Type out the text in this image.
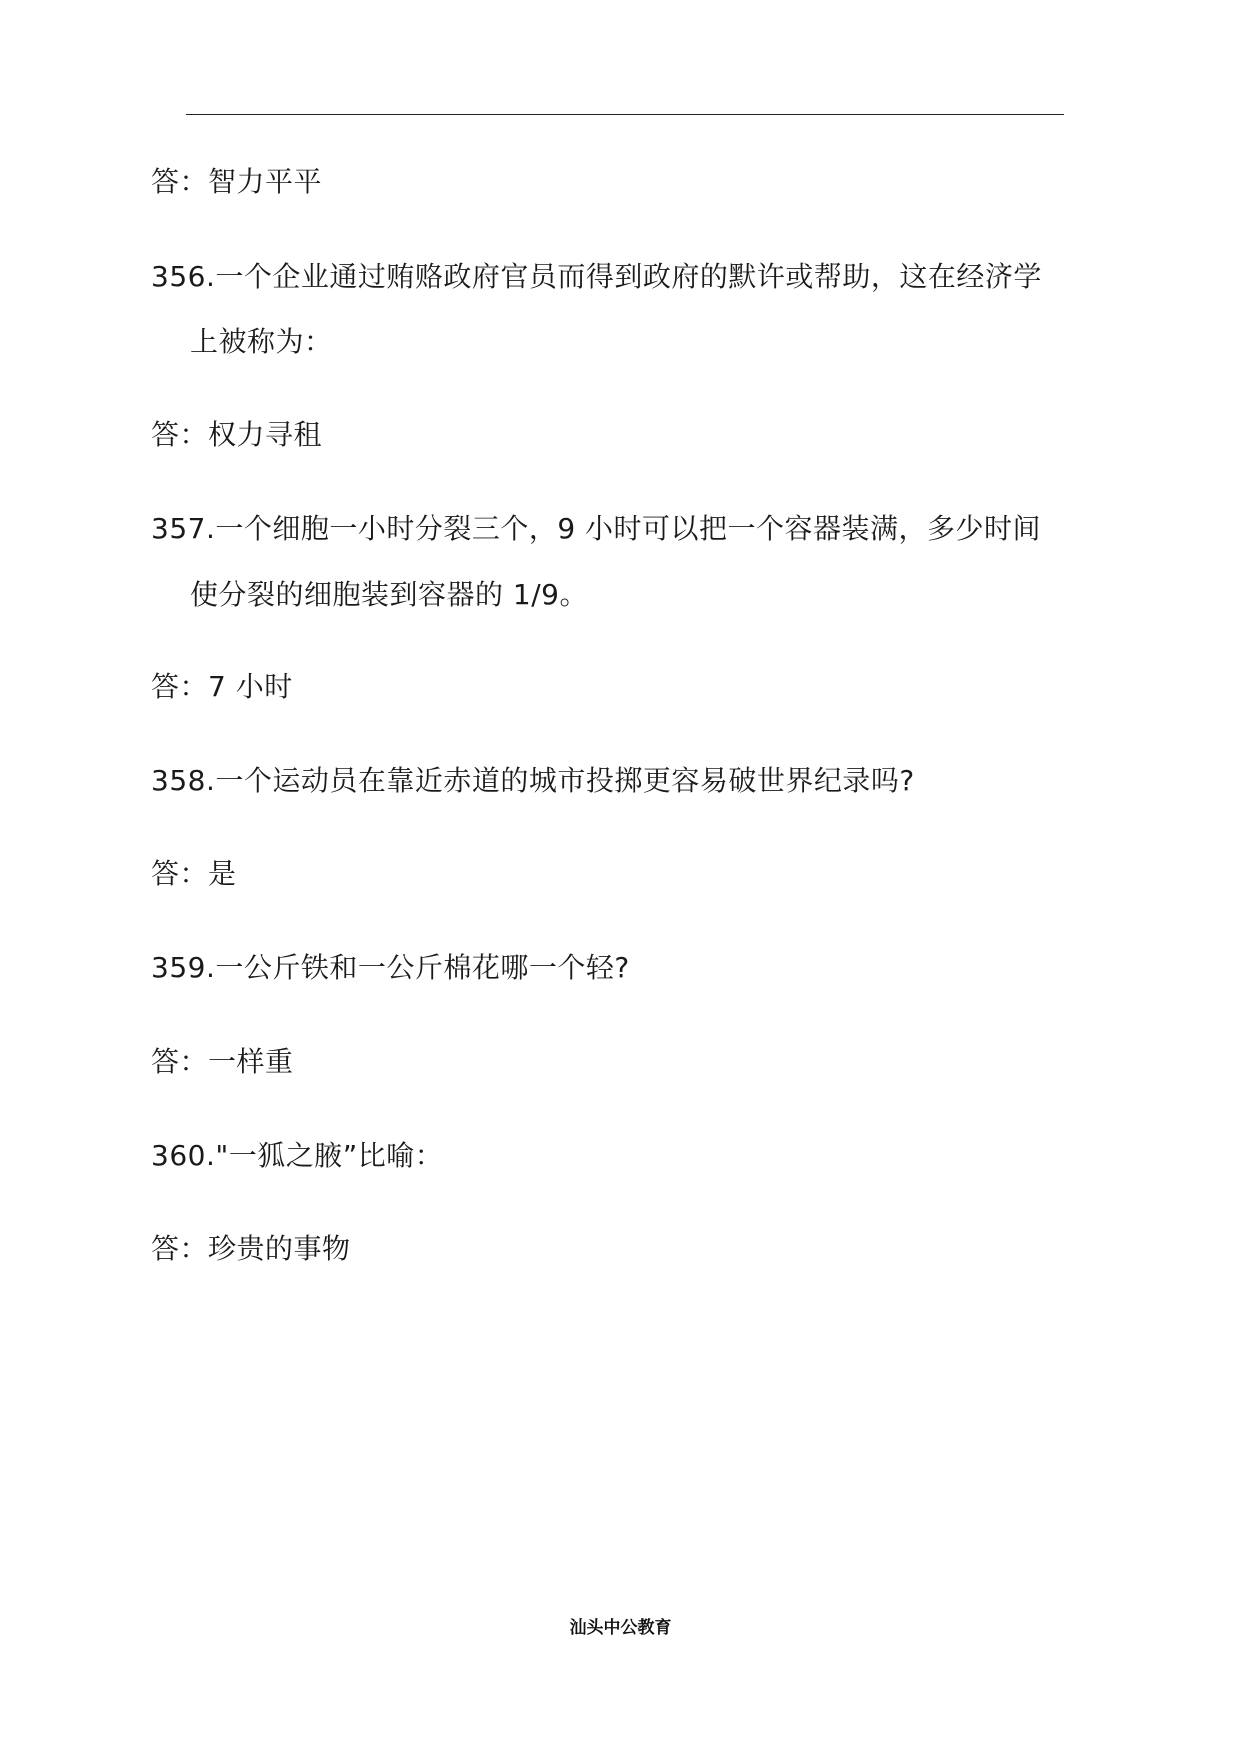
答：智力平平
356.一个企业通过贿赂政府官员而得到政府的默许或帮助，这在经济学
上被称为：
答：权力寻租
357.一个细胞一小时分裂三个，9 小时可以把一个容器装满，多少时间
使分裂的细胞装到容器的 1/9。
答：7 小时
358.一个运动员在靠近赤道的城市投掷更容易破世界纪录吗?
答：是
359.一公斤铁和一公斤棉花哪一个轻?
答：一样重
360."一狐之腋”比喻：
答：珍贵的事物
汕头中公教育
